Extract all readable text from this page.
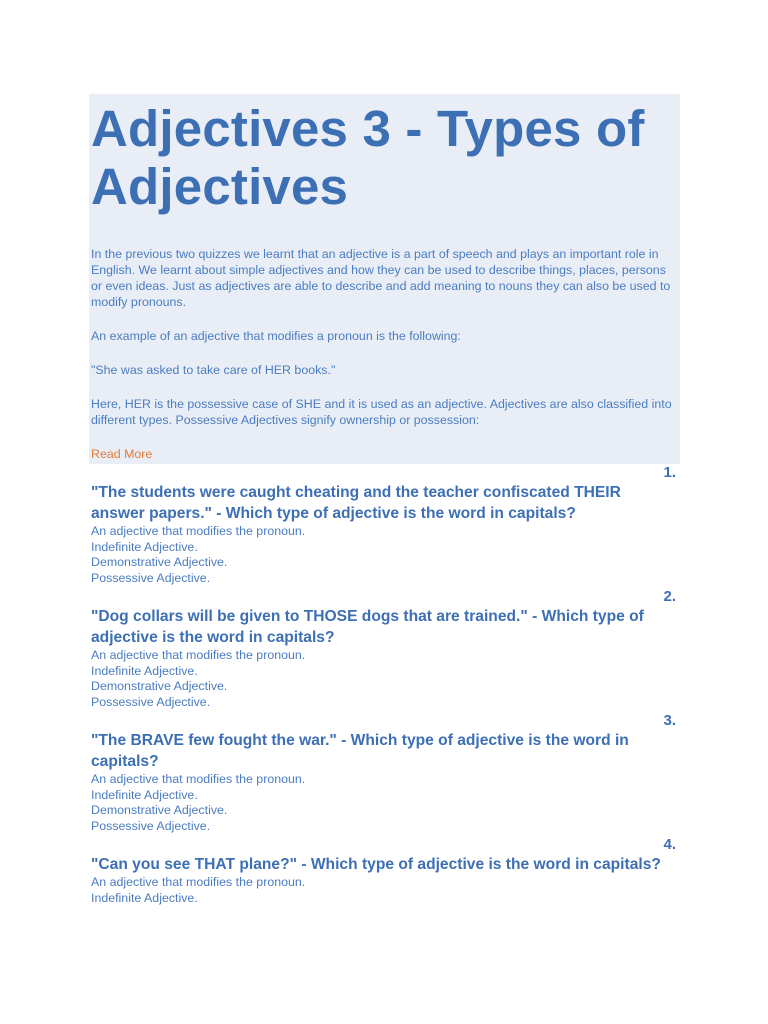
Adjectives 3 - Types of Adjectives

In the previous two quizzes we learnt that an adjective is a part of speech and plays an important role in English. We learnt about simple adjectives and how they can be used to describe things, places, persons or even ideas. Just as adjectives are able to describe and add meaning to nouns they can also be used to modify pronouns.

An example of an adjective that modifies a pronoun is the following:

"She was asked to take care of HER books."

Here, HER is the possessive case of SHE and it is used as an adjective. Adjectives are also classified into different types. Possessive Adjectives signify ownership or possession:

Read More
1.

"The students were caught cheating and the teacher confiscated THEIR answer papers." - Which type of adjective is the word in capitals?

An adjective that modifies the pronoun.
Indefinite Adjective.
Demonstrative Adjective.
Possessive Adjective.
2.

"Dog collars will be given to THOSE dogs that are trained." - Which type of adjective is the word in capitals?

An adjective that modifies the pronoun.
Indefinite Adjective.
Demonstrative Adjective.
Possessive Adjective.
3.

"The BRAVE few fought the war." - Which type of adjective is the word in capitals?

An adjective that modifies the pronoun.
Indefinite Adjective.
Demonstrative Adjective.
Possessive Adjective.
4.

"Can you see THAT plane?" - Which type of adjective is the word in capitals?

An adjective that modifies the pronoun.
Indefinite Adjective.
